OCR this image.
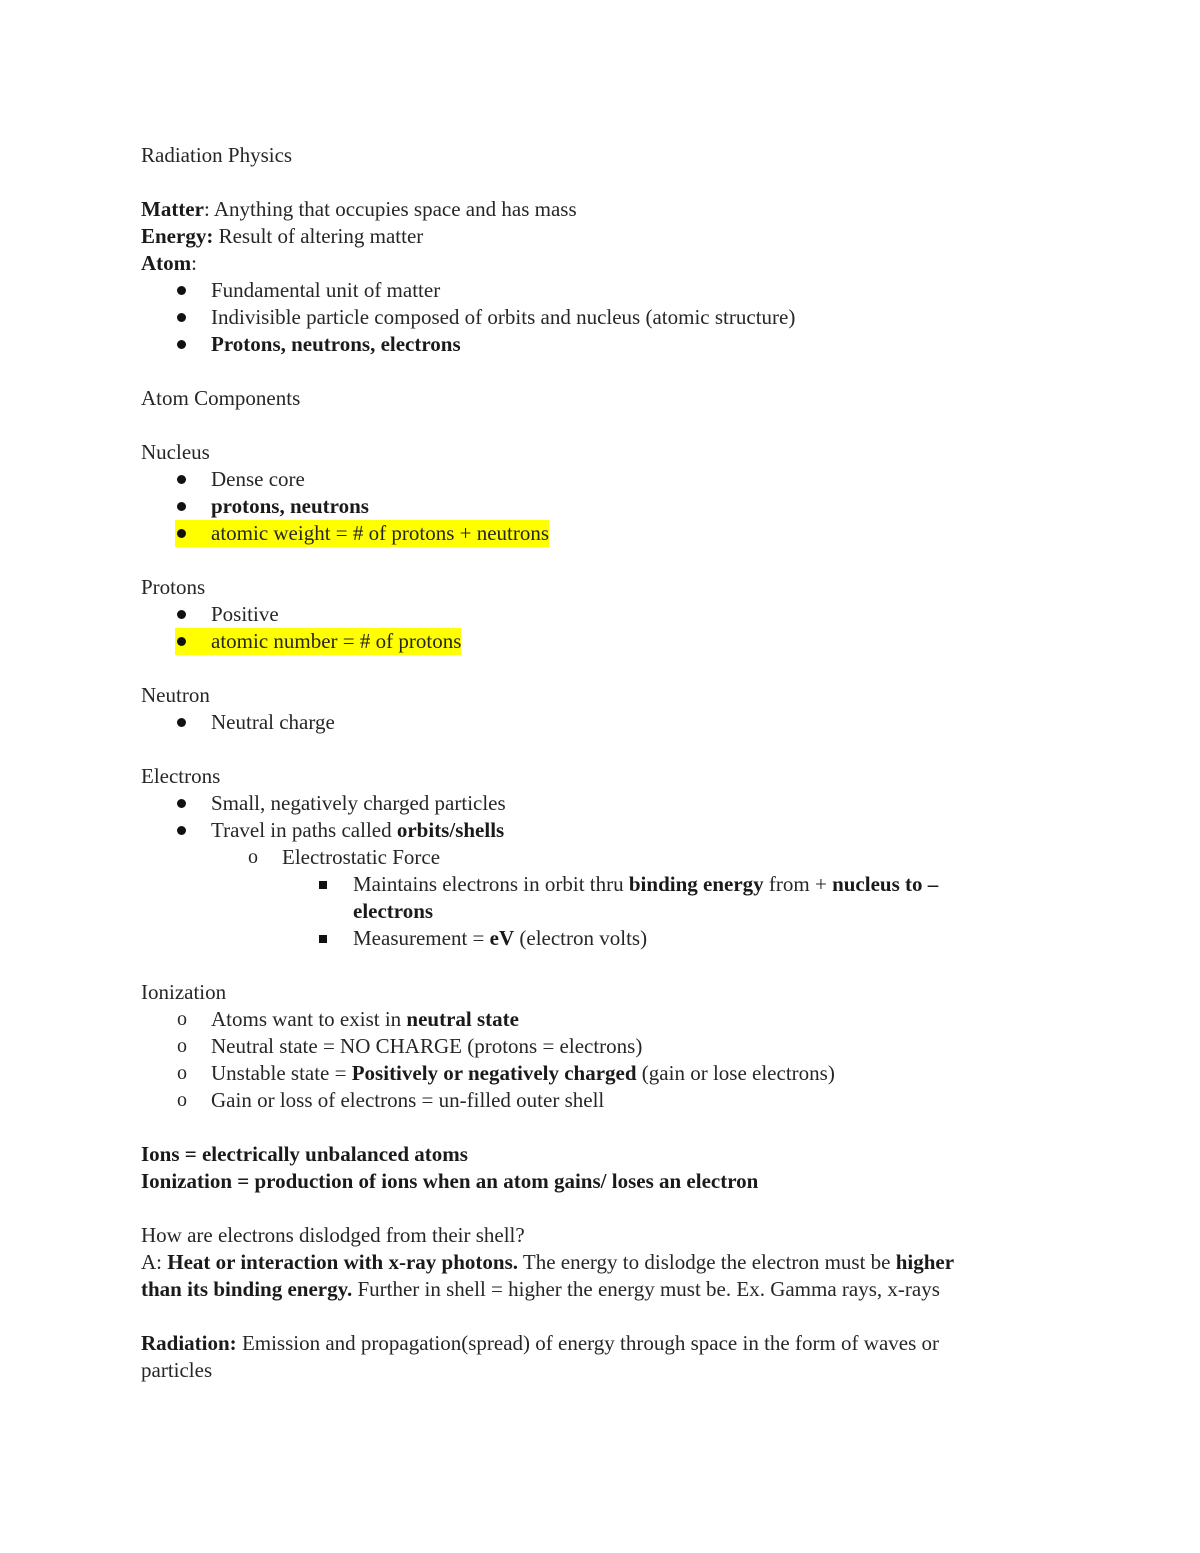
Radiation Physics
Matter: Anything that occupies space and has mass
Energy: Result of altering matter
Atom:
Fundamental unit of matter
Indivisible particle composed of orbits and nucleus (atomic structure)
Protons, neutrons, electrons
Atom Components
Nucleus
Dense core
protons, neutrons
atomic weight = # of protons + neutrons
Protons
Positive
atomic number = # of protons
Neutron
Neutral charge
Electrons
Small, negatively charged particles
Travel in paths called orbits/shells
o Electrostatic Force
Maintains electrons in orbit thru binding energy from + nucleus to – electrons
Measurement = eV (electron volts)
Ionization
o Atoms want to exist in neutral state
o Neutral state = NO CHARGE (protons = electrons)
o Unstable state = Positively or negatively charged (gain or lose electrons)
o Gain or loss of electrons = un-filled outer shell
Ions = electrically unbalanced atoms
Ionization = production of ions when an atom gains/ loses an electron
How are electrons dislodged from their shell?
A: Heat or interaction with x-ray photons. The energy to dislodge the electron must be higher
than its binding energy. Further in shell = higher the energy must be. Ex. Gamma rays, x-rays
Radiation: Emission and propagation(spread) of energy through space in the form of waves or
particles
